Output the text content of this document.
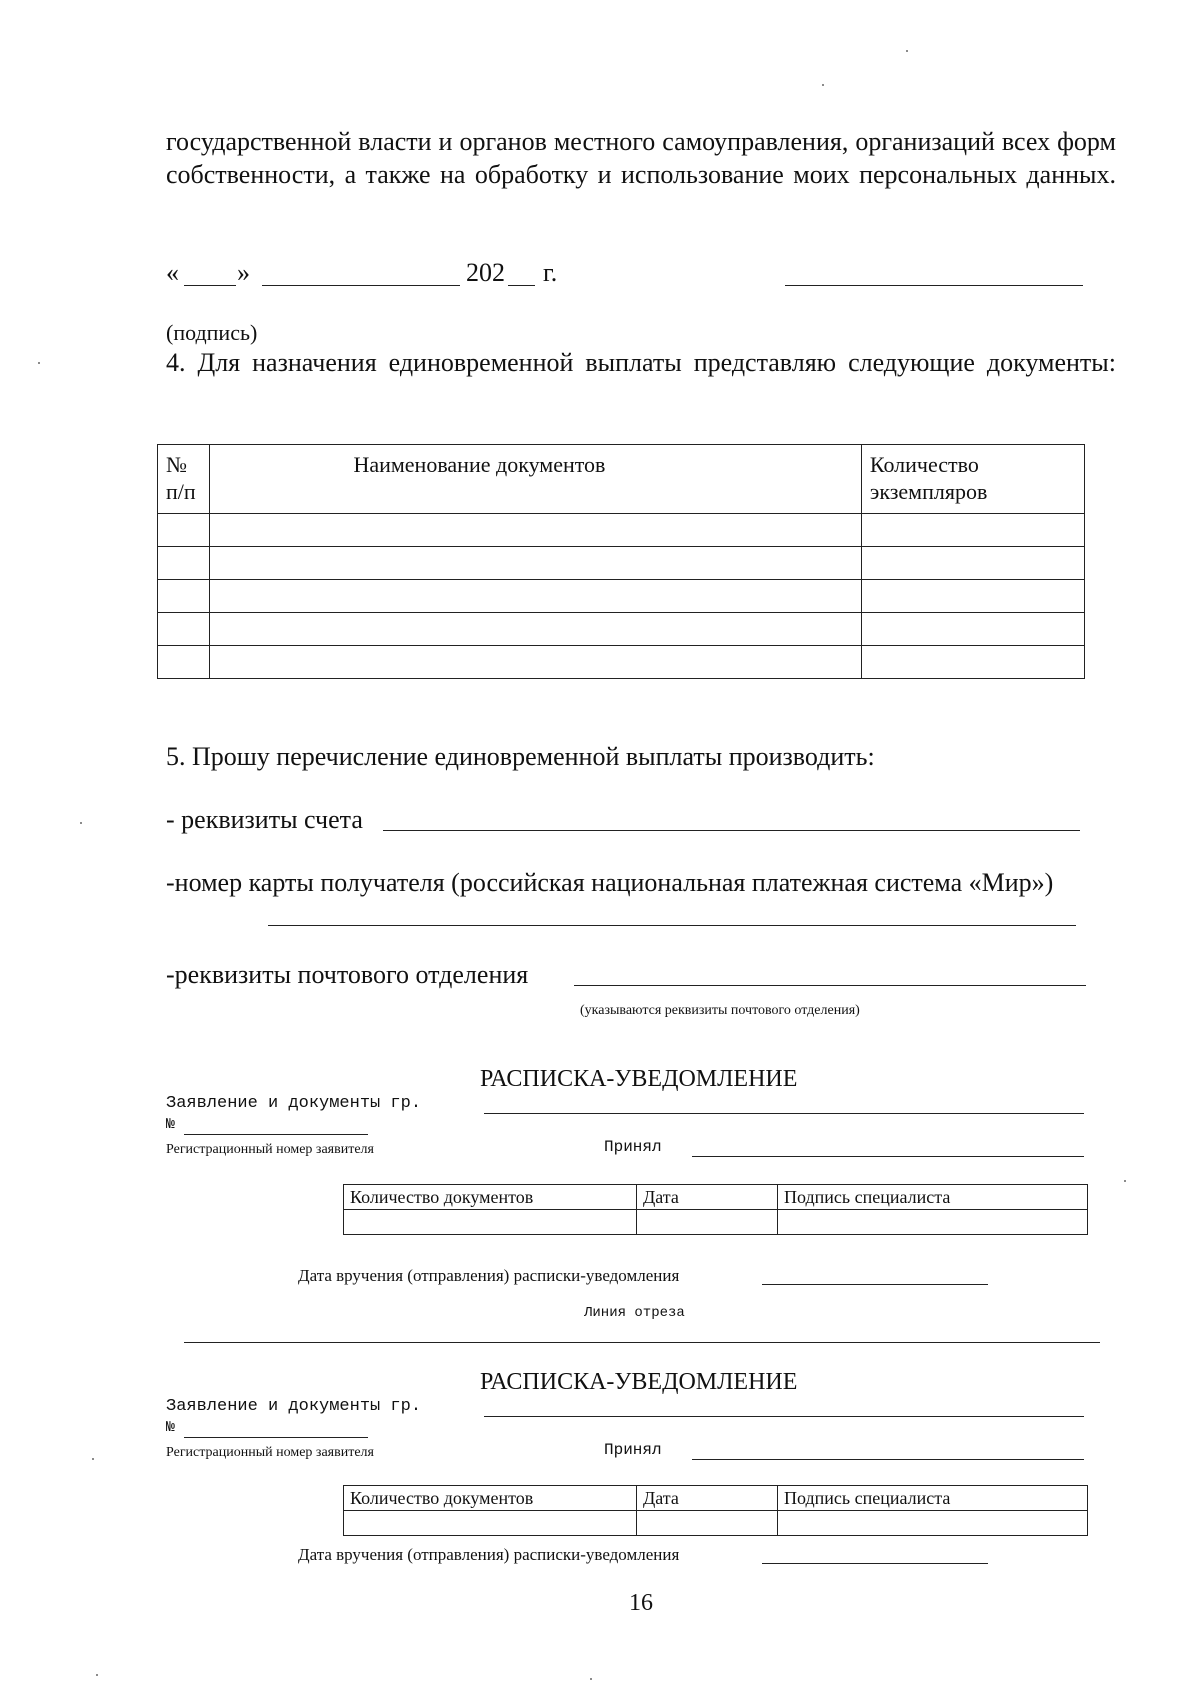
государственной власти и органов местного самоуправления, организаций всех форм собственности, а также на обработку и использование моих персональных данных.
« »	202 г.
(подпись)
4. Для назначения единовременной выплаты представляю следующие документы:
№ п/п	Наименование документов	Количество экземпляров

5. Прошу перечисление единовременной выплаты производить:
- реквизиты счета
-номер карты получателя (российская национальная платежная система «Мир»)
-реквизиты почтового отделения
(указываются реквизиты почтового отделения)
РАСПИСКА-УВЕДОМЛЕНИЕ
Заявление и документы гр.
№
Регистрационный номер заявителя	Принял
Количество документов	Дата	Подпись специалиста

Дата вручения (отправления) расписки-уведомления
Линия отреза
РАСПИСКА-УВЕДОМЛЕНИЕ
Заявление и документы гр.
№
Регистрационный номер заявителя	Принял
Количество документов	Дата	Подпись специалиста

Дата вручения (отправления) расписки-уведомления
16
